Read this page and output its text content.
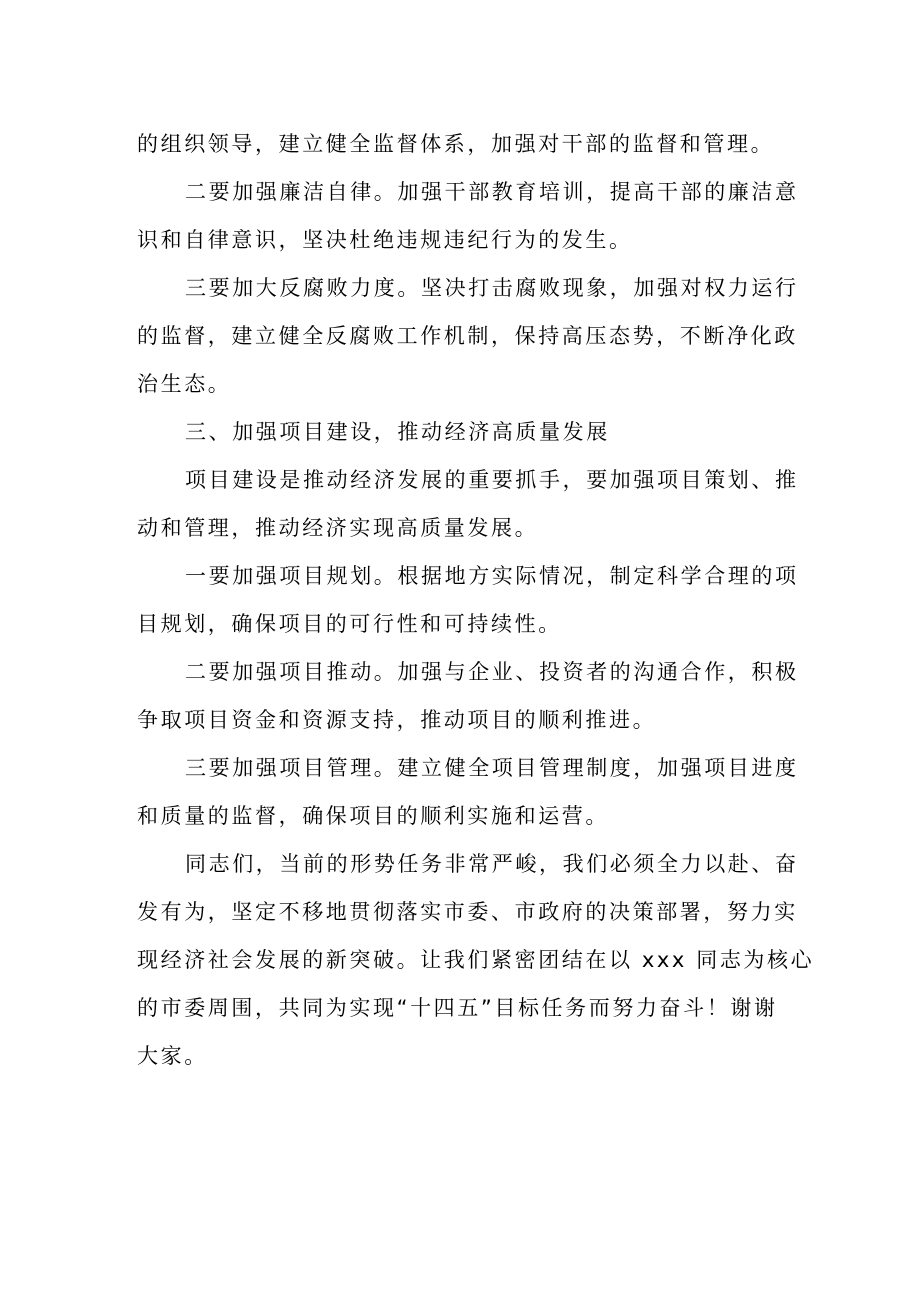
的组织领导，建立健全监督体系，加强对干部的监督和管理。
二要加强廉洁自律。加强干部教育培训，提高干部的廉洁意
识和自律意识，坚决杜绝违规违纪行为的发生。
三要加大反腐败力度。坚决打击腐败现象，加强对权力运行
的监督，建立健全反腐败工作机制，保持高压态势，不断净化政
治生态。
三、加强项目建设，推动经济高质量发展
项目建设是推动经济发展的重要抓手，要加强项目策划、推
动和管理，推动经济实现高质量发展。
一要加强项目规划。根据地方实际情况，制定科学合理的项
目规划，确保项目的可行性和可持续性。
二要加强项目推动。加强与企业、投资者的沟通合作，积极
争取项目资金和资源支持，推动项目的顺利推进。
三要加强项目管理。建立健全项目管理制度，加强项目进度
和质量的监督，确保项目的顺利实施和运营。
同志们，当前的形势任务非常严峻，我们必须全力以赴、奋
发有为，坚定不移地贯彻落实市委、市政府的决策部署，努力实
现经济社会发展的新突破。让我们紧密团结在以 xxx 同志为核心
的市委周围，共同为实现“十四五”目标任务而努力奋斗！谢谢
大家。
